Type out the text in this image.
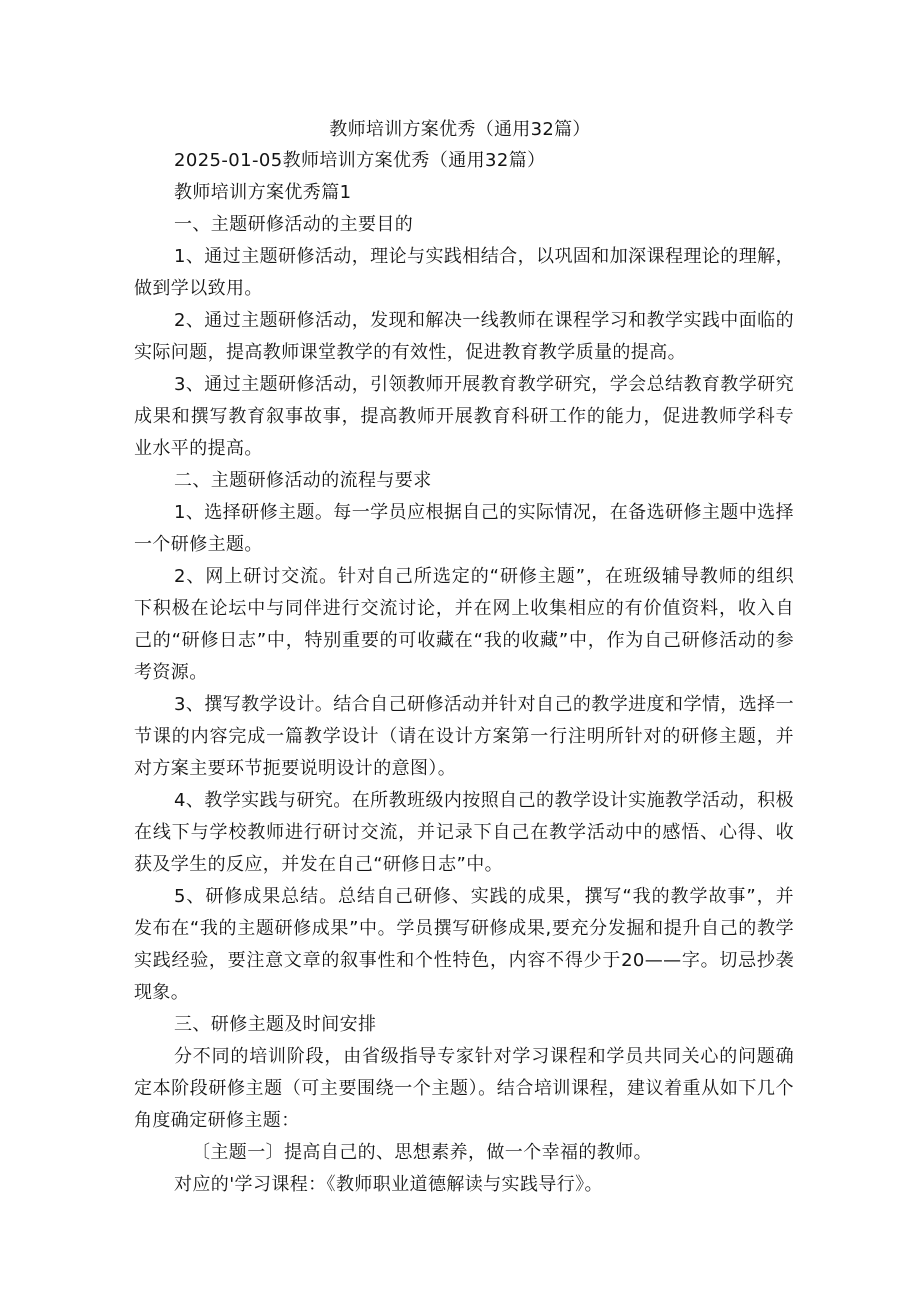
教师培训方案优秀（通用32篇）

2025-01-05教师培训方案优秀（通用32篇）

教师培训方案优秀篇1

一、主题研修活动的主要目的

1、通过主题研修活动，理论与实践相结合，以巩固和加深课程理论的理解，做到学以致用。

2、通过主题研修活动，发现和解决一线教师在课程学习和教学实践中面临的实际问题，提高教师课堂教学的有效性，促进教育教学质量的提高。

3、通过主题研修活动，引领教师开展教育教学研究，学会总结教育教学研究成果和撰写教育叙事故事，提高教师开展教育科研工作的能力，促进教师学科专业水平的提高。

二、主题研修活动的流程与要求

1、选择研修主题。每一学员应根据自己的实际情况，在备选研修主题中选择一个研修主题。

2、网上研讨交流。针对自己所选定的“研修主题”，在班级辅导教师的组织下积极在论坛中与同伴进行交流讨论，并在网上收集相应的有价值资料，收入自己的“研修日志”中，特别重要的可收藏在“我的收藏”中，作为自己研修活动的参考资源。

3、撰写教学设计。结合自己研修活动并针对自己的教学进度和学情，选择一节课的内容完成一篇教学设计（请在设计方案第一行注明所针对的研修主题，并对方案主要环节扼要说明设计的意图）。

4、教学实践与研究。在所教班级内按照自己的教学设计实施教学活动，积极在线下与学校教师进行研讨交流，并记录下自己在教学活动中的感悟、心得、收获及学生的反应，并发在自己“研修日志”中。

5、研修成果总结。总结自己研修、实践的成果，撰写“我的教学故事”，并发布在“我的主题研修成果”中。学员撰写研修成果,要充分发掘和提升自己的教学实践经验，要注意文章的叙事性和个性特色，内容不得少于20——字。切忌抄袭现象。

三、研修主题及时间安排

分不同的培训阶段，由省级指导专家针对学习课程和学员共同关心的问题确定本阶段研修主题（可主要围绕一个主题）。结合培训课程，建议着重从如下几个角度确定研修主题：

〔主题一〕提高自己的、思想素养，做一个幸福的教师。

对应的'学习课程：《教师职业道德解读与实践导行》。
